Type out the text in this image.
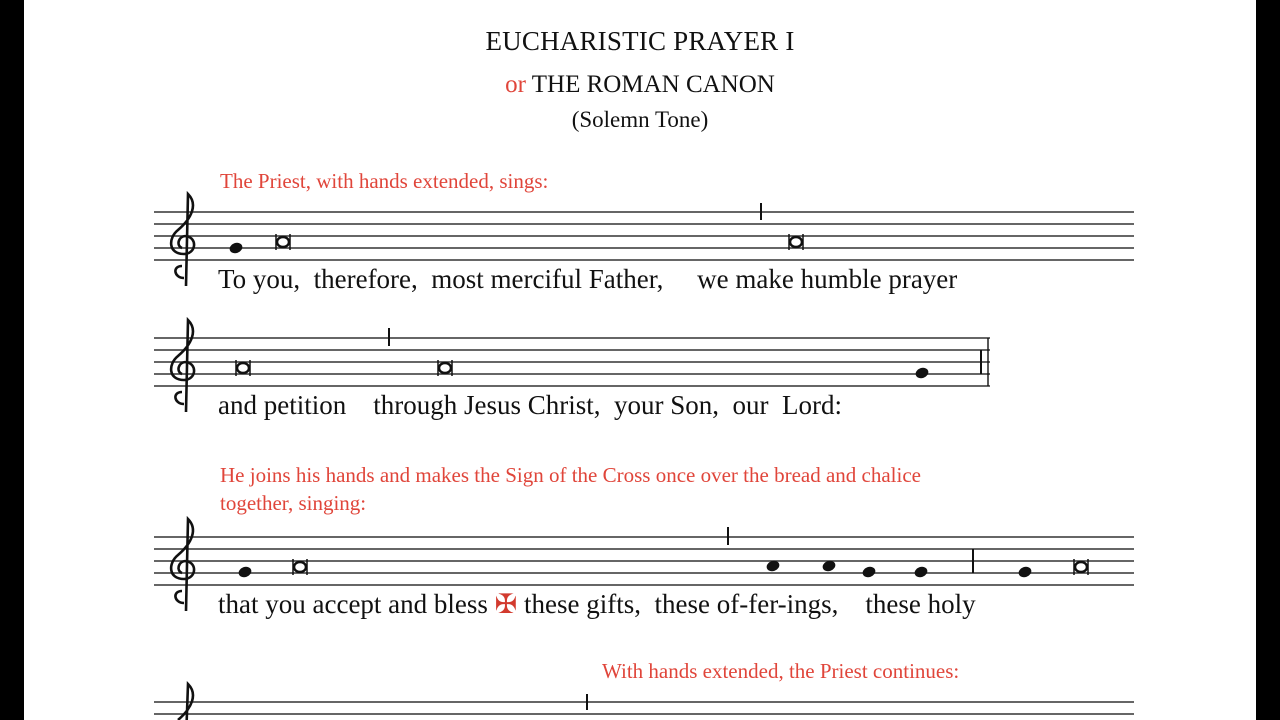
EUCHARISTIC PRAYER I
or THE ROMAN CANON
(Solemn Tone)
The Priest, with hands extended, sings:
To you,  therefore,  most merciful Father,     we make humble prayer
and petition    through Jesus Christ,  your Son,  our  Lord:
He joins his hands and makes the Sign of the Cross once over the bread and chalice
together, singing:
that you accept and bless ✠ these gifts,  these of-fer-ings,    these holy
With hands extended, the Priest continues:
